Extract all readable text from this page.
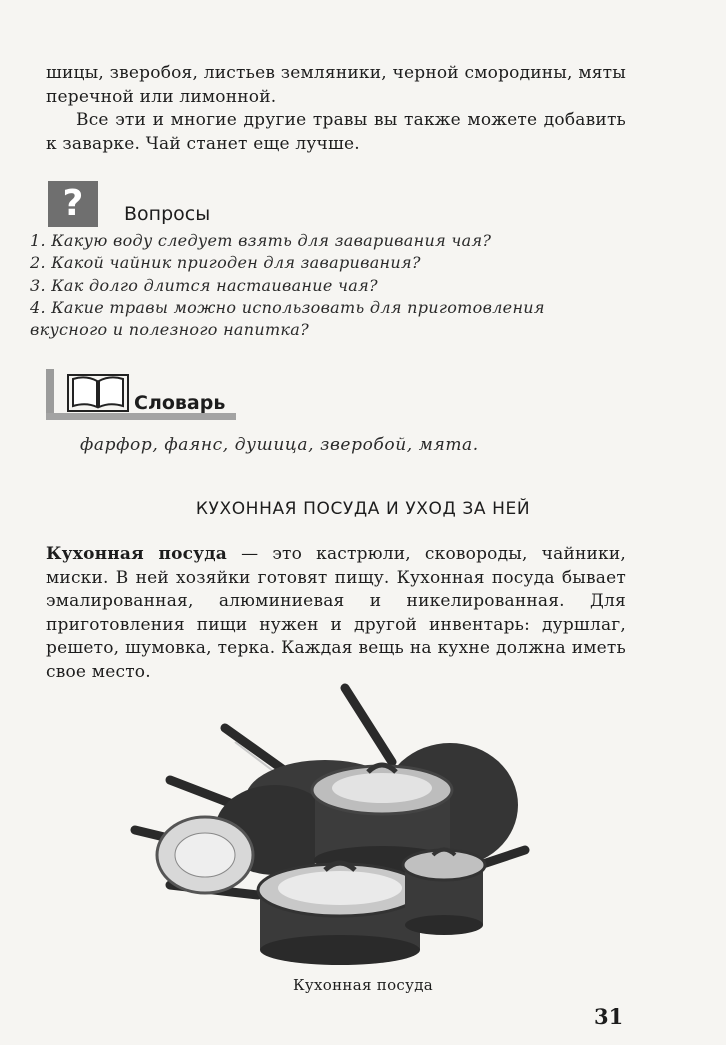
шицы, зверобоя, листьев земляники, черной смородины, мяты перечной или лимонной.
Все эти и многие другие травы вы также можете добавить к заварке. Чай станет еще лучше.
?	Вопросы
1. Какую воду следует взять для заваривания чая?
2. Какой чайник пригоден для заваривания?
3. Как долго длится настаивание чая?
4. Какие травы можно использовать для приготовления вкусного и полезного напитка?
Словарь
фарфор, фаянс, душица, зверобой, мята.
КУХОННАЯ ПОСУДА И УХОД ЗА НЕЙ
Кухонная посуда — это кастрюли, сковороды, чайники, миски. В ней хозяйки готовят пищу. Кухонная посуда бывает эмалированная, алюминиевая и никелированная. Для приготовления пищи нужен и другой инвентарь: дуршлаг, решето, шумовка, терка. Каждая вещь на кухне должна иметь свое место.
Кухонная посуда
31
